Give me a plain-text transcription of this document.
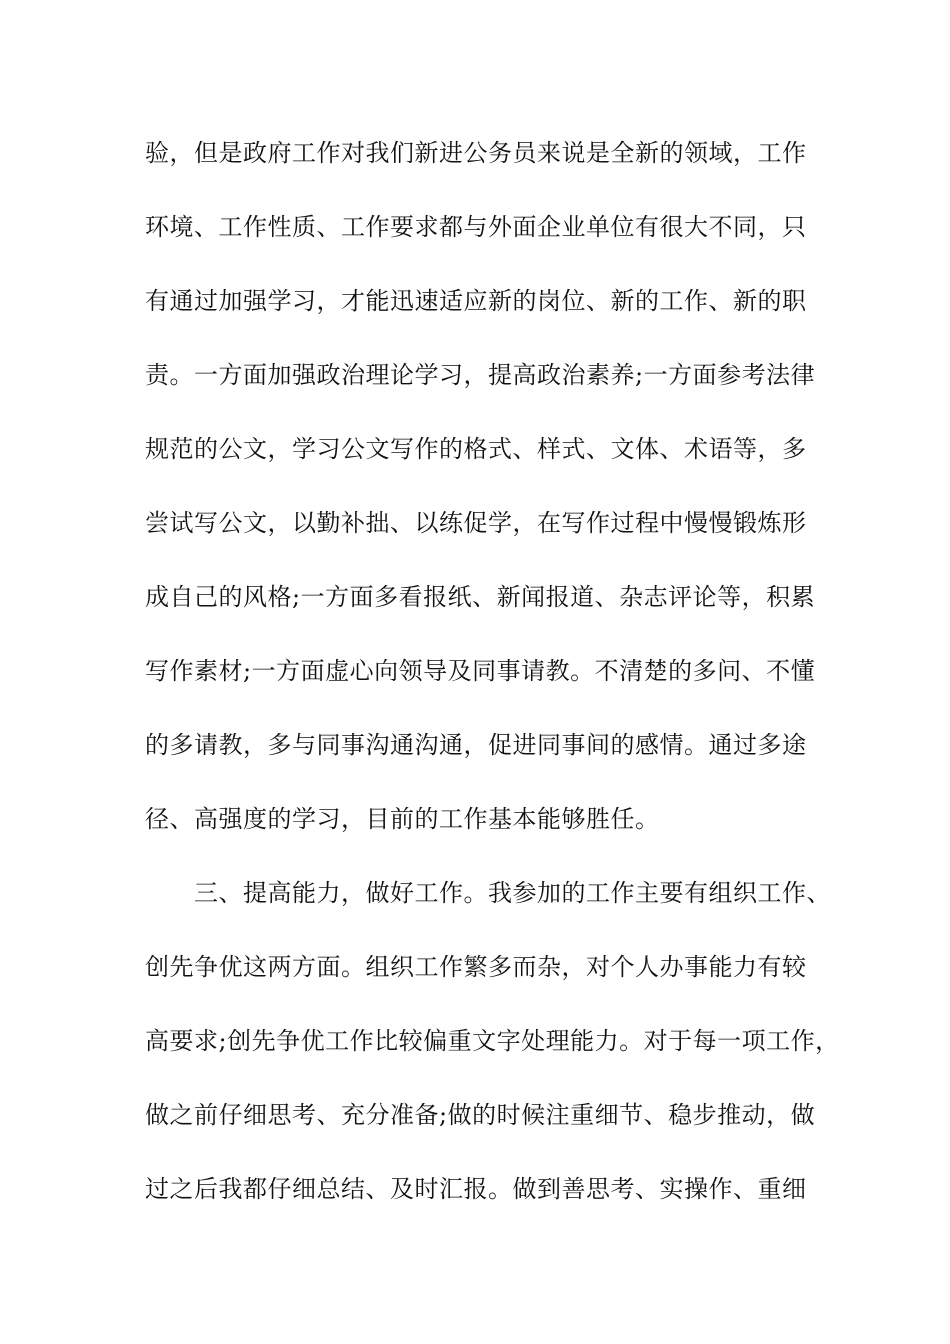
验，但是政府工作对我们新进公务员来说是全新的领域，工作
环境、工作性质、工作要求都与外面企业单位有很大不同，只
有通过加强学习，才能迅速适应新的岗位、新的工作、新的职
责。一方面加强政治理论学习，提高政治素养;一方面参考法律
规范的公文，学习公文写作的格式、样式、文体、术语等，多
尝试写公文，以勤补拙、以练促学，在写作过程中慢慢锻炼形
成自己的风格;一方面多看报纸、新闻报道、杂志评论等，积累
写作素材;一方面虚心向领导及同事请教。不清楚的多问、不懂
的多请教，多与同事沟通沟通，促进同事间的感情。通过多途
径、高强度的学习，目前的工作基本能够胜任。
　　三、提高能力，做好工作。我参加的工作主要有组织工作、
创先争优这两方面。组织工作繁多而杂，对个人办事能力有较
高要求;创先争优工作比较偏重文字处理能力。对于每一项工作，
做之前仔细思考、充分准备;做的时候注重细节、稳步推动，做
过之后我都仔细总结、及时汇报。做到善思考、实操作、重细
